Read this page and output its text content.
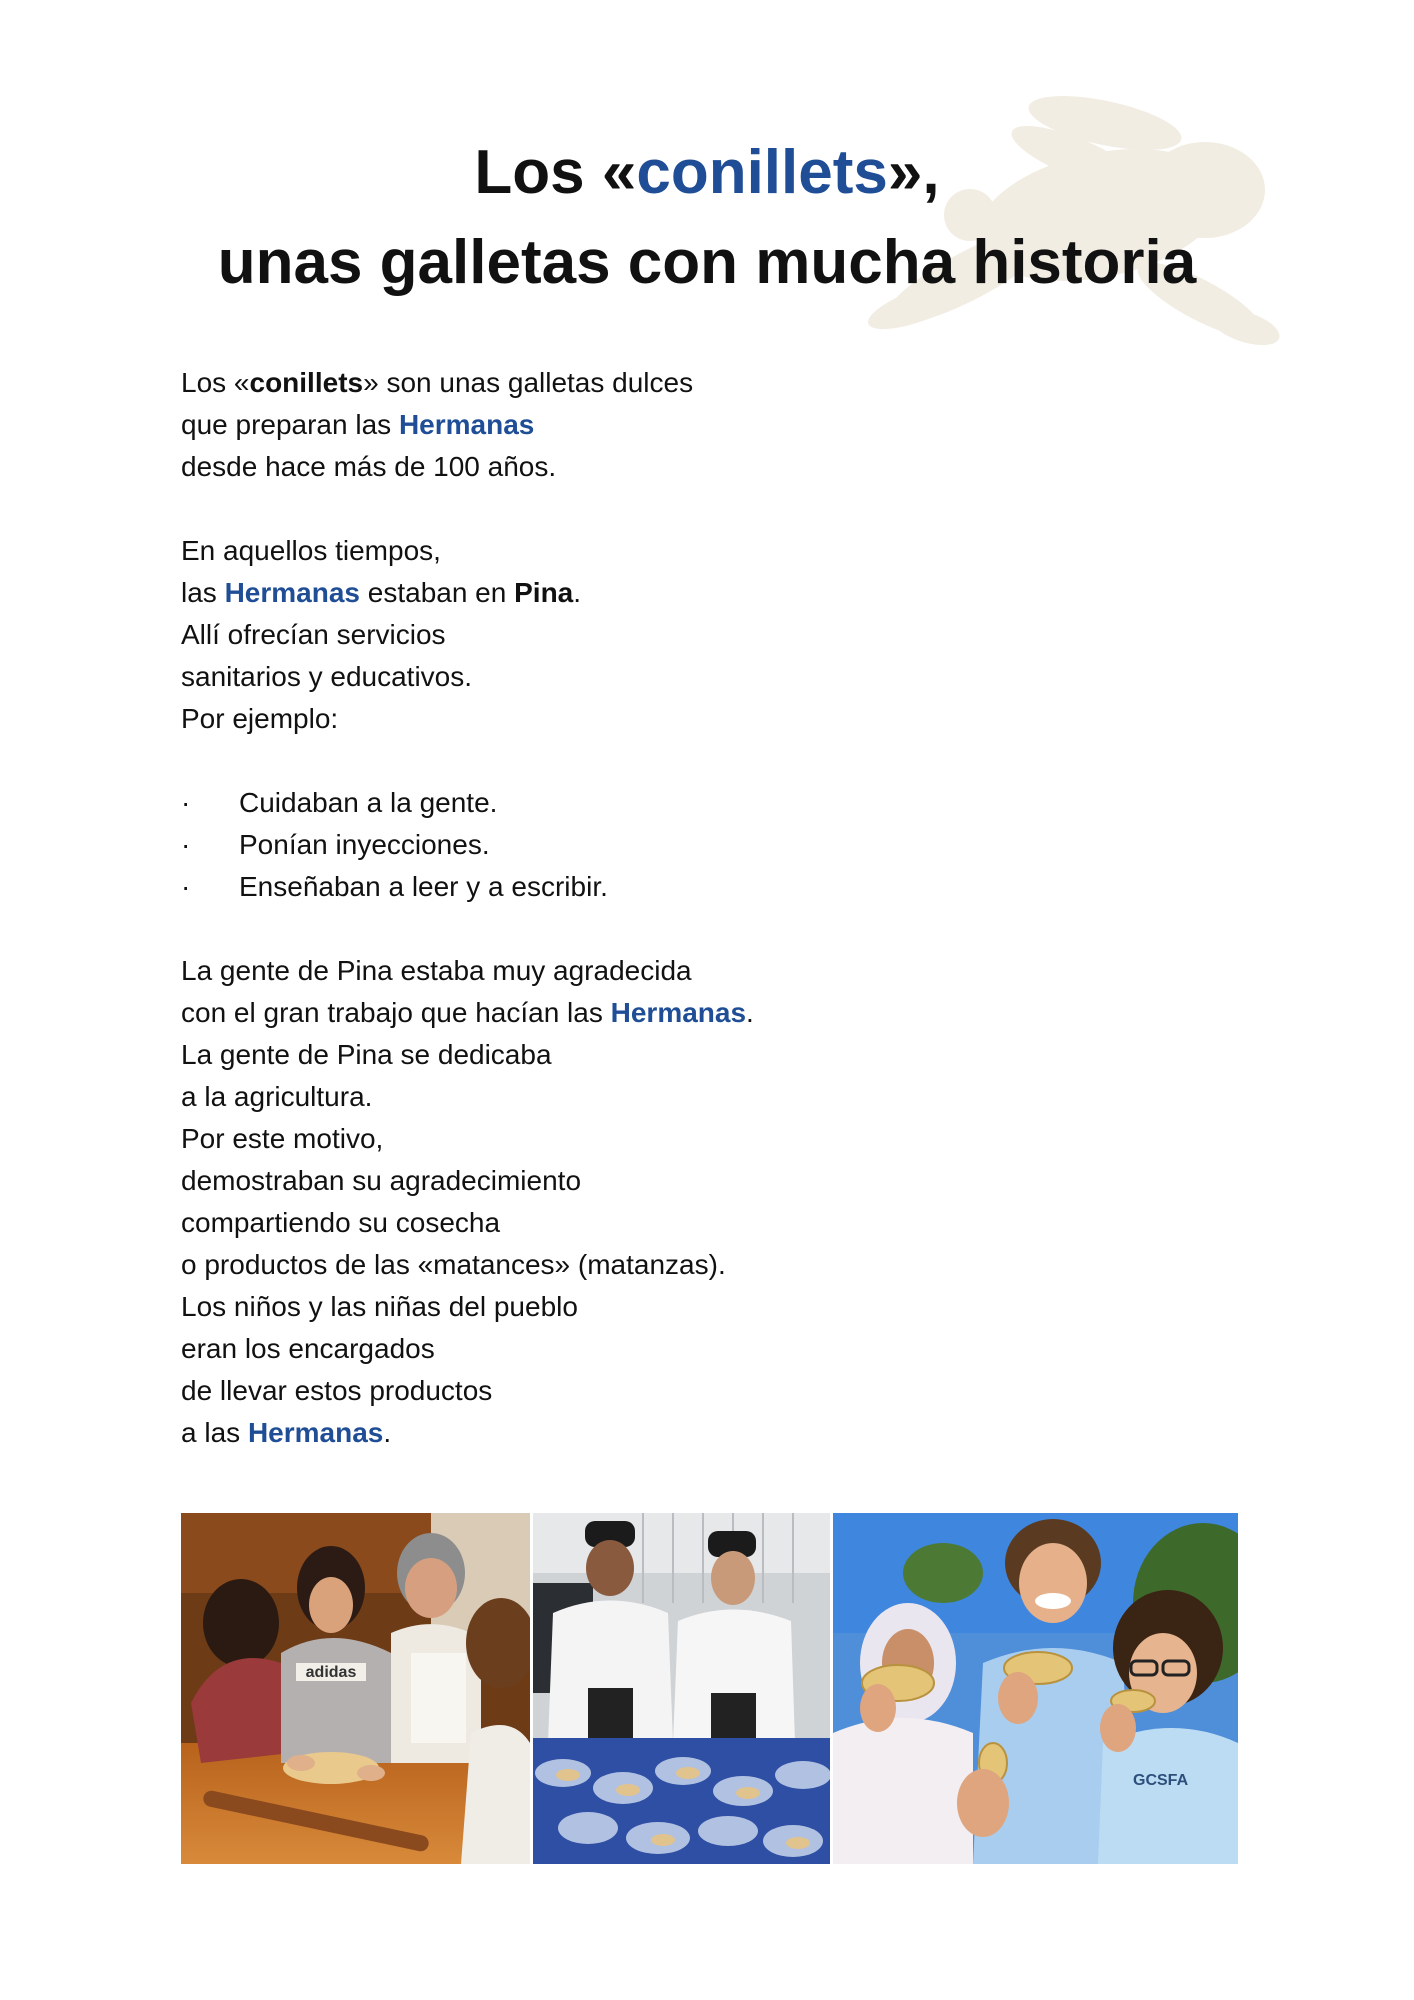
Los «conillets»,
unas galletas con mucha historia

Los «conillets» son unas galletas dulces
que preparan las Hermanas
desde hace más de 100 años.

En aquellos tiempos,
las Hermanas estaban en Pina.
Allí ofrecían servicios
sanitarios y educativos.
Por ejemplo:

·	Cuidaban a la gente.
·	Ponían inyecciones.
·	Enseñaban a leer y a escribir.

La gente de Pina estaba muy agradecida
con el gran trabajo que hacían las Hermanas.
La gente de Pina se dedicaba
a la agricultura.
Por este motivo,
demostraban su agradecimiento
compartiendo su cosecha
o productos de las «matances» (matanzas).
Los niños y las niñas del pueblo
eran los encargados
de llevar estos productos
a las Hermanas.

adidas
GCSFA
